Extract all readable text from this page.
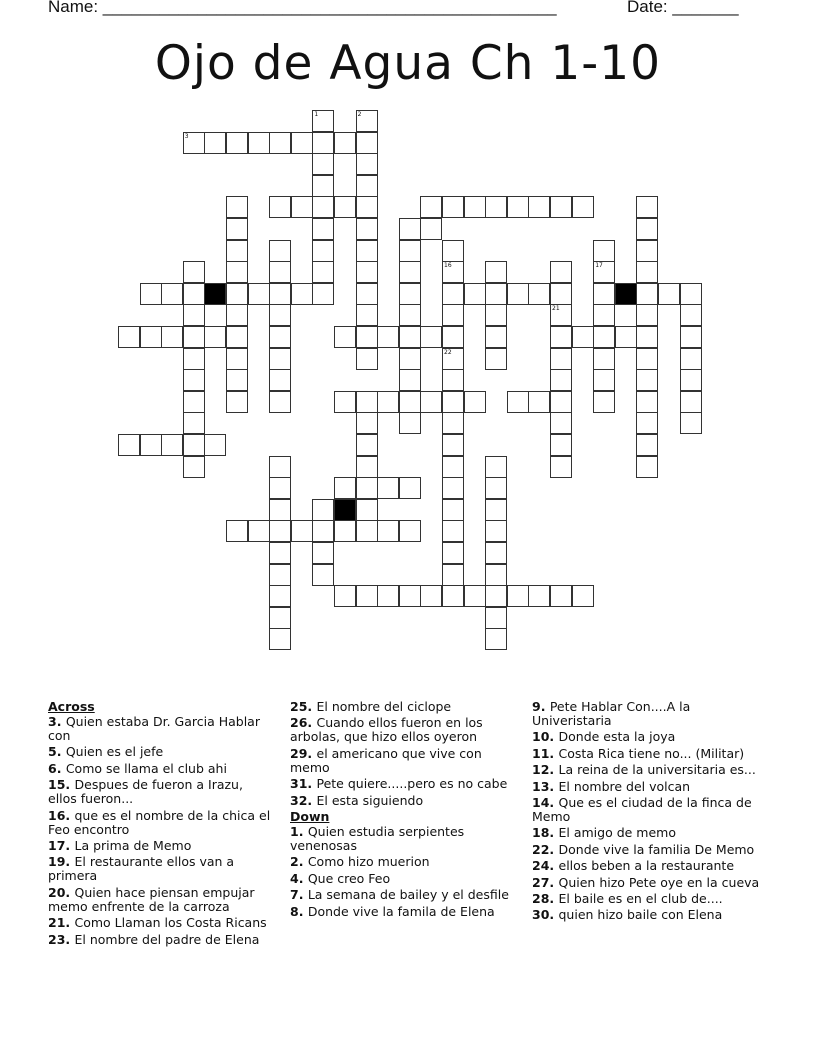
Name: ________________________________________________	Date: _______
Ojo de Agua Ch 1-10
1	2
3
16	17
21
22
Across
3. Quien estaba Dr. Garcia Hablar con
5. Quien es el jefe
6. Como se llama el club ahi
15. Despues de fueron a Irazu, ellos fueron...
16. que es el nombre de la chica el Feo encontro
17. La prima de Memo
19. El restaurante ellos van a primera
20. Quien hace piensan empujar memo enfrente de la carroza
21. Como Llaman los Costa Ricans
23. El nombre del padre de Elena
25. El nombre del ciclope
26. Cuando ellos fueron en los arbolas, que hizo ellos oyeron
29. el americano que vive con memo
31. Pete quiere.....pero es no cabe
32. El esta siguiendo
Down
1. Quien estudia serpientes venenosas
2. Como hizo muerion
4. Que creo Feo
7. La semana de bailey y el desfile
8. Donde vive la famila de Elena
9. Pete Hablar Con....A la Univeristaria
10. Donde esta la joya
11. Costa Rica tiene no... (Militar)
12. La reina de la universitaria es...
13. El nombre del volcan
14. Que es el ciudad de la finca de Memo
18. El amigo de memo
22. Donde vive la familia De Memo
24. ellos beben a la restaurante
27. Quien hizo Pete oye en la cueva
28. El baile es en el club de....
30. quien hizo baile con Elena
